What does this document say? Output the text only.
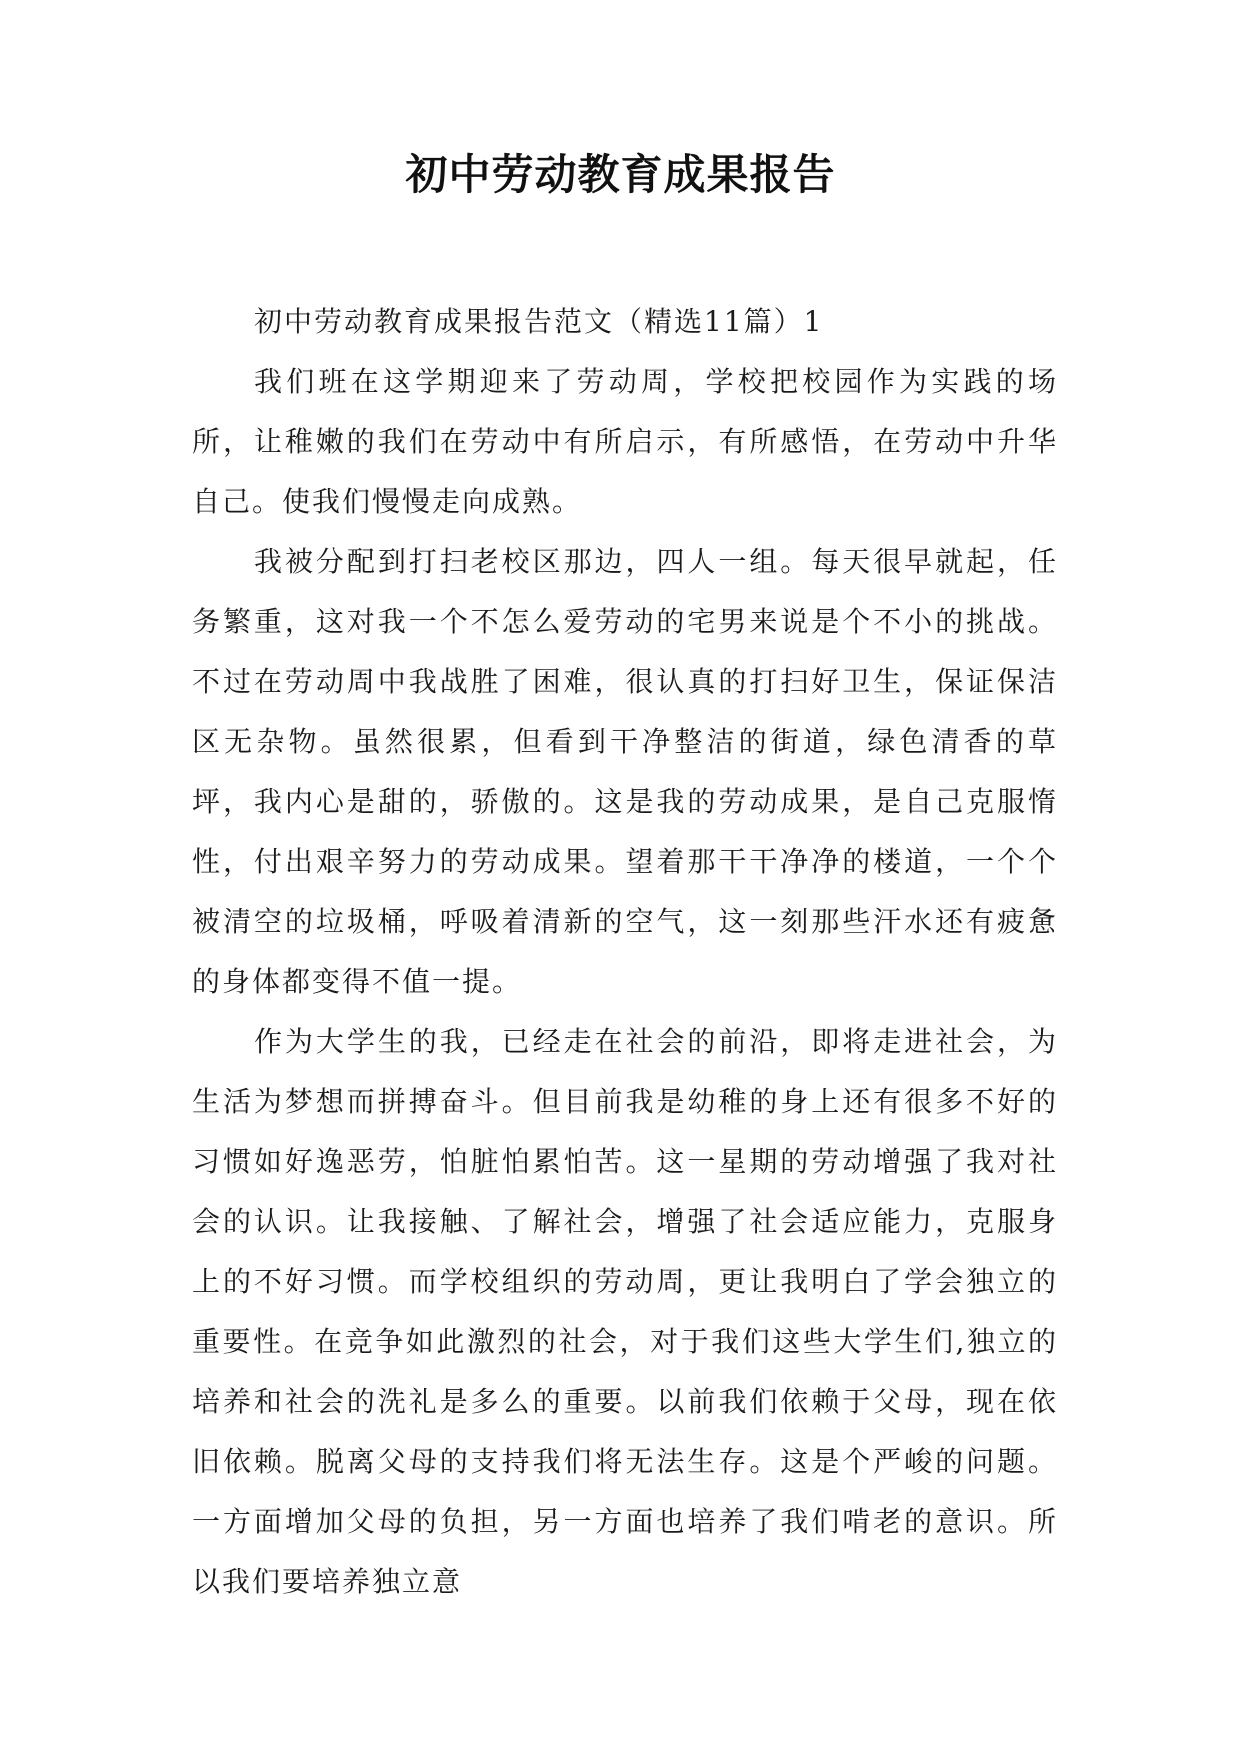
初中劳动教育成果报告

初中劳动教育成果报告范文（精选11篇）1

我们班在这学期迎来了劳动周，学校把校园作为实践的场所，让稚嫩的我们在劳动中有所启示，有所感悟，在劳动中升华自己。使我们慢慢走向成熟。

我被分配到打扫老校区那边，四人一组。每天很早就起，任务繁重，这对我一个不怎么爱劳动的宅男来说是个不小的挑战。不过在劳动周中我战胜了困难，很认真的打扫好卫生，保证保洁区无杂物。虽然很累，但看到干净整洁的街道，绿色清香的草坪，我内心是甜的，骄傲的。这是我的劳动成果，是自己克服惰性，付出艰辛努力的劳动成果。望着那干干净净的楼道，一个个被清空的垃圾桶，呼吸着清新的空气，这一刻那些汗水还有疲惫的身体都变得不值一提。

作为大学生的我，已经走在社会的前沿，即将走进社会，为生活为梦想而拼搏奋斗。但目前我是幼稚的身上还有很多不好的习惯如好逸恶劳，怕脏怕累怕苦。这一星期的劳动增强了我对社会的认识。让我接触、了解社会，增强了社会适应能力，克服身上的不好习惯。而学校组织的劳动周，更让我明白了学会独立的重要性。在竞争如此激烈的社会，对于我们这些大学生们,独立的培养和社会的洗礼是多么的重要。以前我们依赖于父母，现在依旧依赖。脱离父母的支持我们将无法生存。这是个严峻的问题。一方面增加父母的负担，另一方面也培养了我们啃老的意识。所以我们要培养独立意
